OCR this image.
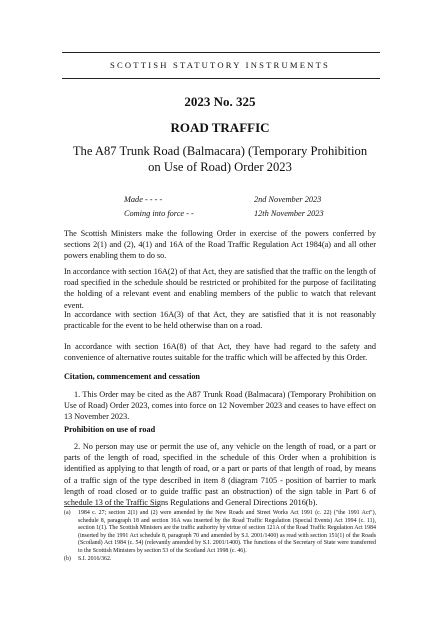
SCOTTISH STATUTORY INSTRUMENTS
2023 No. 325
ROAD TRAFFIC
The A87 Trunk Road (Balmacara) (Temporary Prohibition on Use of Road) Order 2023
Made - - - -	2nd November 2023
Coming into force - -	12th November 2023
The Scottish Ministers make the following Order in exercise of the powers conferred by sections 2(1) and (2), 4(1) and 16A of the Road Traffic Regulation Act 1984(a) and all other powers enabling them to do so.
In accordance with section 16A(2) of that Act, they are satisfied that the traffic on the length of road specified in the schedule should be restricted or prohibited for the purpose of facilitating the holding of a relevant event and enabling members of the public to watch that relevant event.
In accordance with section 16A(3) of that Act, they are satisfied that it is not reasonably practicable for the event to be held otherwise than on a road.
In accordance with section 16A(8) of that Act, they have had regard to the safety and convenience of alternative routes suitable for the traffic which will be affected by this Order.
Citation, commencement and cessation
1. This Order may be cited as the A87 Trunk Road (Balmacara) (Temporary Prohibition on Use of Road) Order 2023, comes into force on 12 November 2023 and ceases to have effect on 13 November 2023.
Prohibition on use of road
2. No person may use or permit the use of, any vehicle on the length of road, or a part or parts of the length of road, specified in the schedule of this Order when a prohibition is identified as applying to that length of road, or a part or parts of that length of road, by means of a traffic sign of the type described in item 8 (diagram 7105 - position of barrier to mark length of road closed or to guide traffic past an obstruction) of the sign table in Part 6 of schedule 13 of the Traffic Signs Regulations and General Directions 2016(b).
(a) 1984 c. 27; section 2(1) and (2) were amended by the New Roads and Street Works Act 1991 (c. 22) ("the 1991 Act"), schedule 8, paragraph 18 and section 16A was inserted by the Road Traffic Regulation (Special Events) Act 1994 (c. 11), section 1(1). The Scottish Ministers are the traffic authority by virtue of section 121A of the Road Traffic Regulation Act 1984 (inserted by the 1991 Act schedule 8, paragraph 70 and amended by S.I. 2001/1400) as read with section 151(1) of the Roads (Scotland) Act 1984 (c. 54) (relevantly amended by S.I. 2001/1400). The functions of the Secretary of State were transferred to the Scottish Ministers by section 53 of the Scotland Act 1998 (c. 46).
(b) S.I. 2016/362.
